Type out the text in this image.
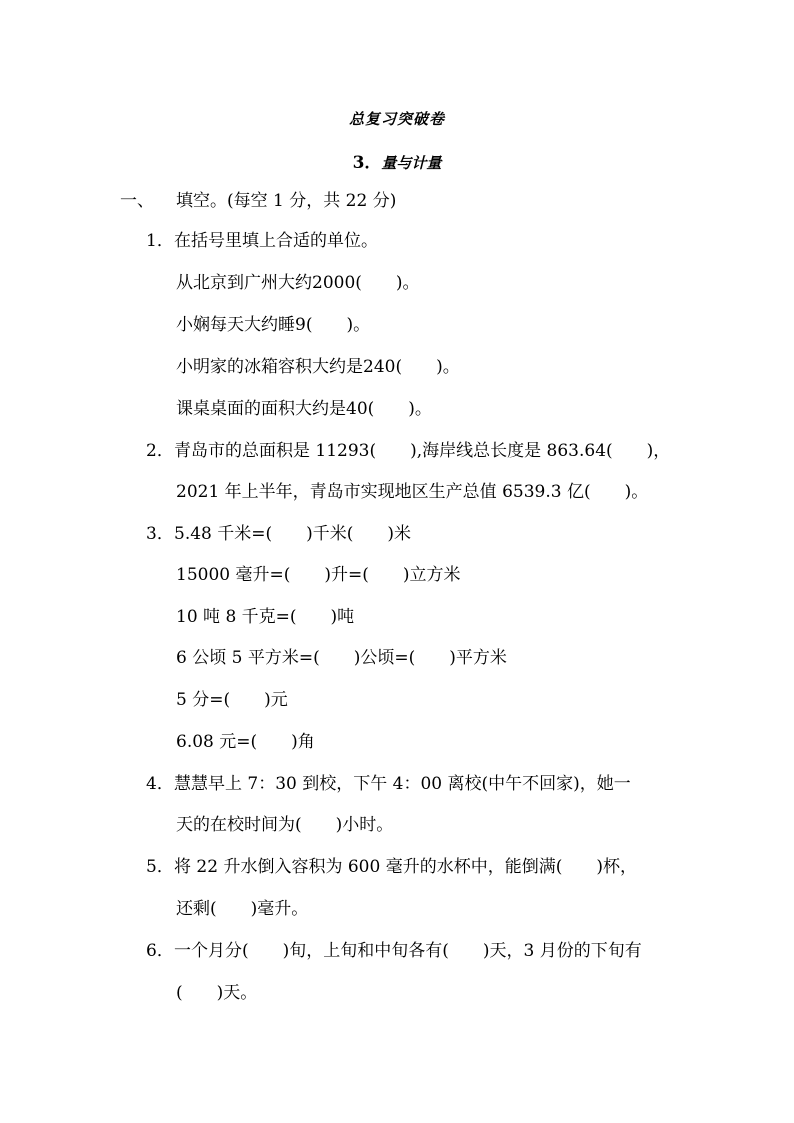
总复习突破卷
3．量与计量
一、 填空。(每空 1 分，共 22 分)
1．在括号里填上合适的单位。
从北京到广州大约2000(　　)。
小娴每天大约睡9(　　)。
小明家的冰箱容积大约是240(　　)。
课桌桌面的面积大约是40(　　)。
2．青岛市的总面积是 11293(　　),海岸线总长度是 863.64(　　)，
2021 年上半年，青岛市实现地区生产总值 6539.3 亿(　　)。
3．5.48 千米=(　　)千米(　　)米
15000 毫升=(　　)升=(　　)立方米
10 吨 8 千克=(　　)吨
6 公顷 5 平方米=(　　)公顷=(　　)平方米
5 分=(　　)元
6.08 元=(　　)角
4．慧慧早上 7：30 到校，下午 4：00 离校(中午不回家)，她一
天的在校时间为(　　)小时。
5．将 22 升水倒入容积为 600 毫升的水杯中，能倒满(　　)杯，
还剩(　　)毫升。
6．一个月分(　　)旬，上旬和中旬各有(　　)天，3 月份的下旬有
(　　)天。
